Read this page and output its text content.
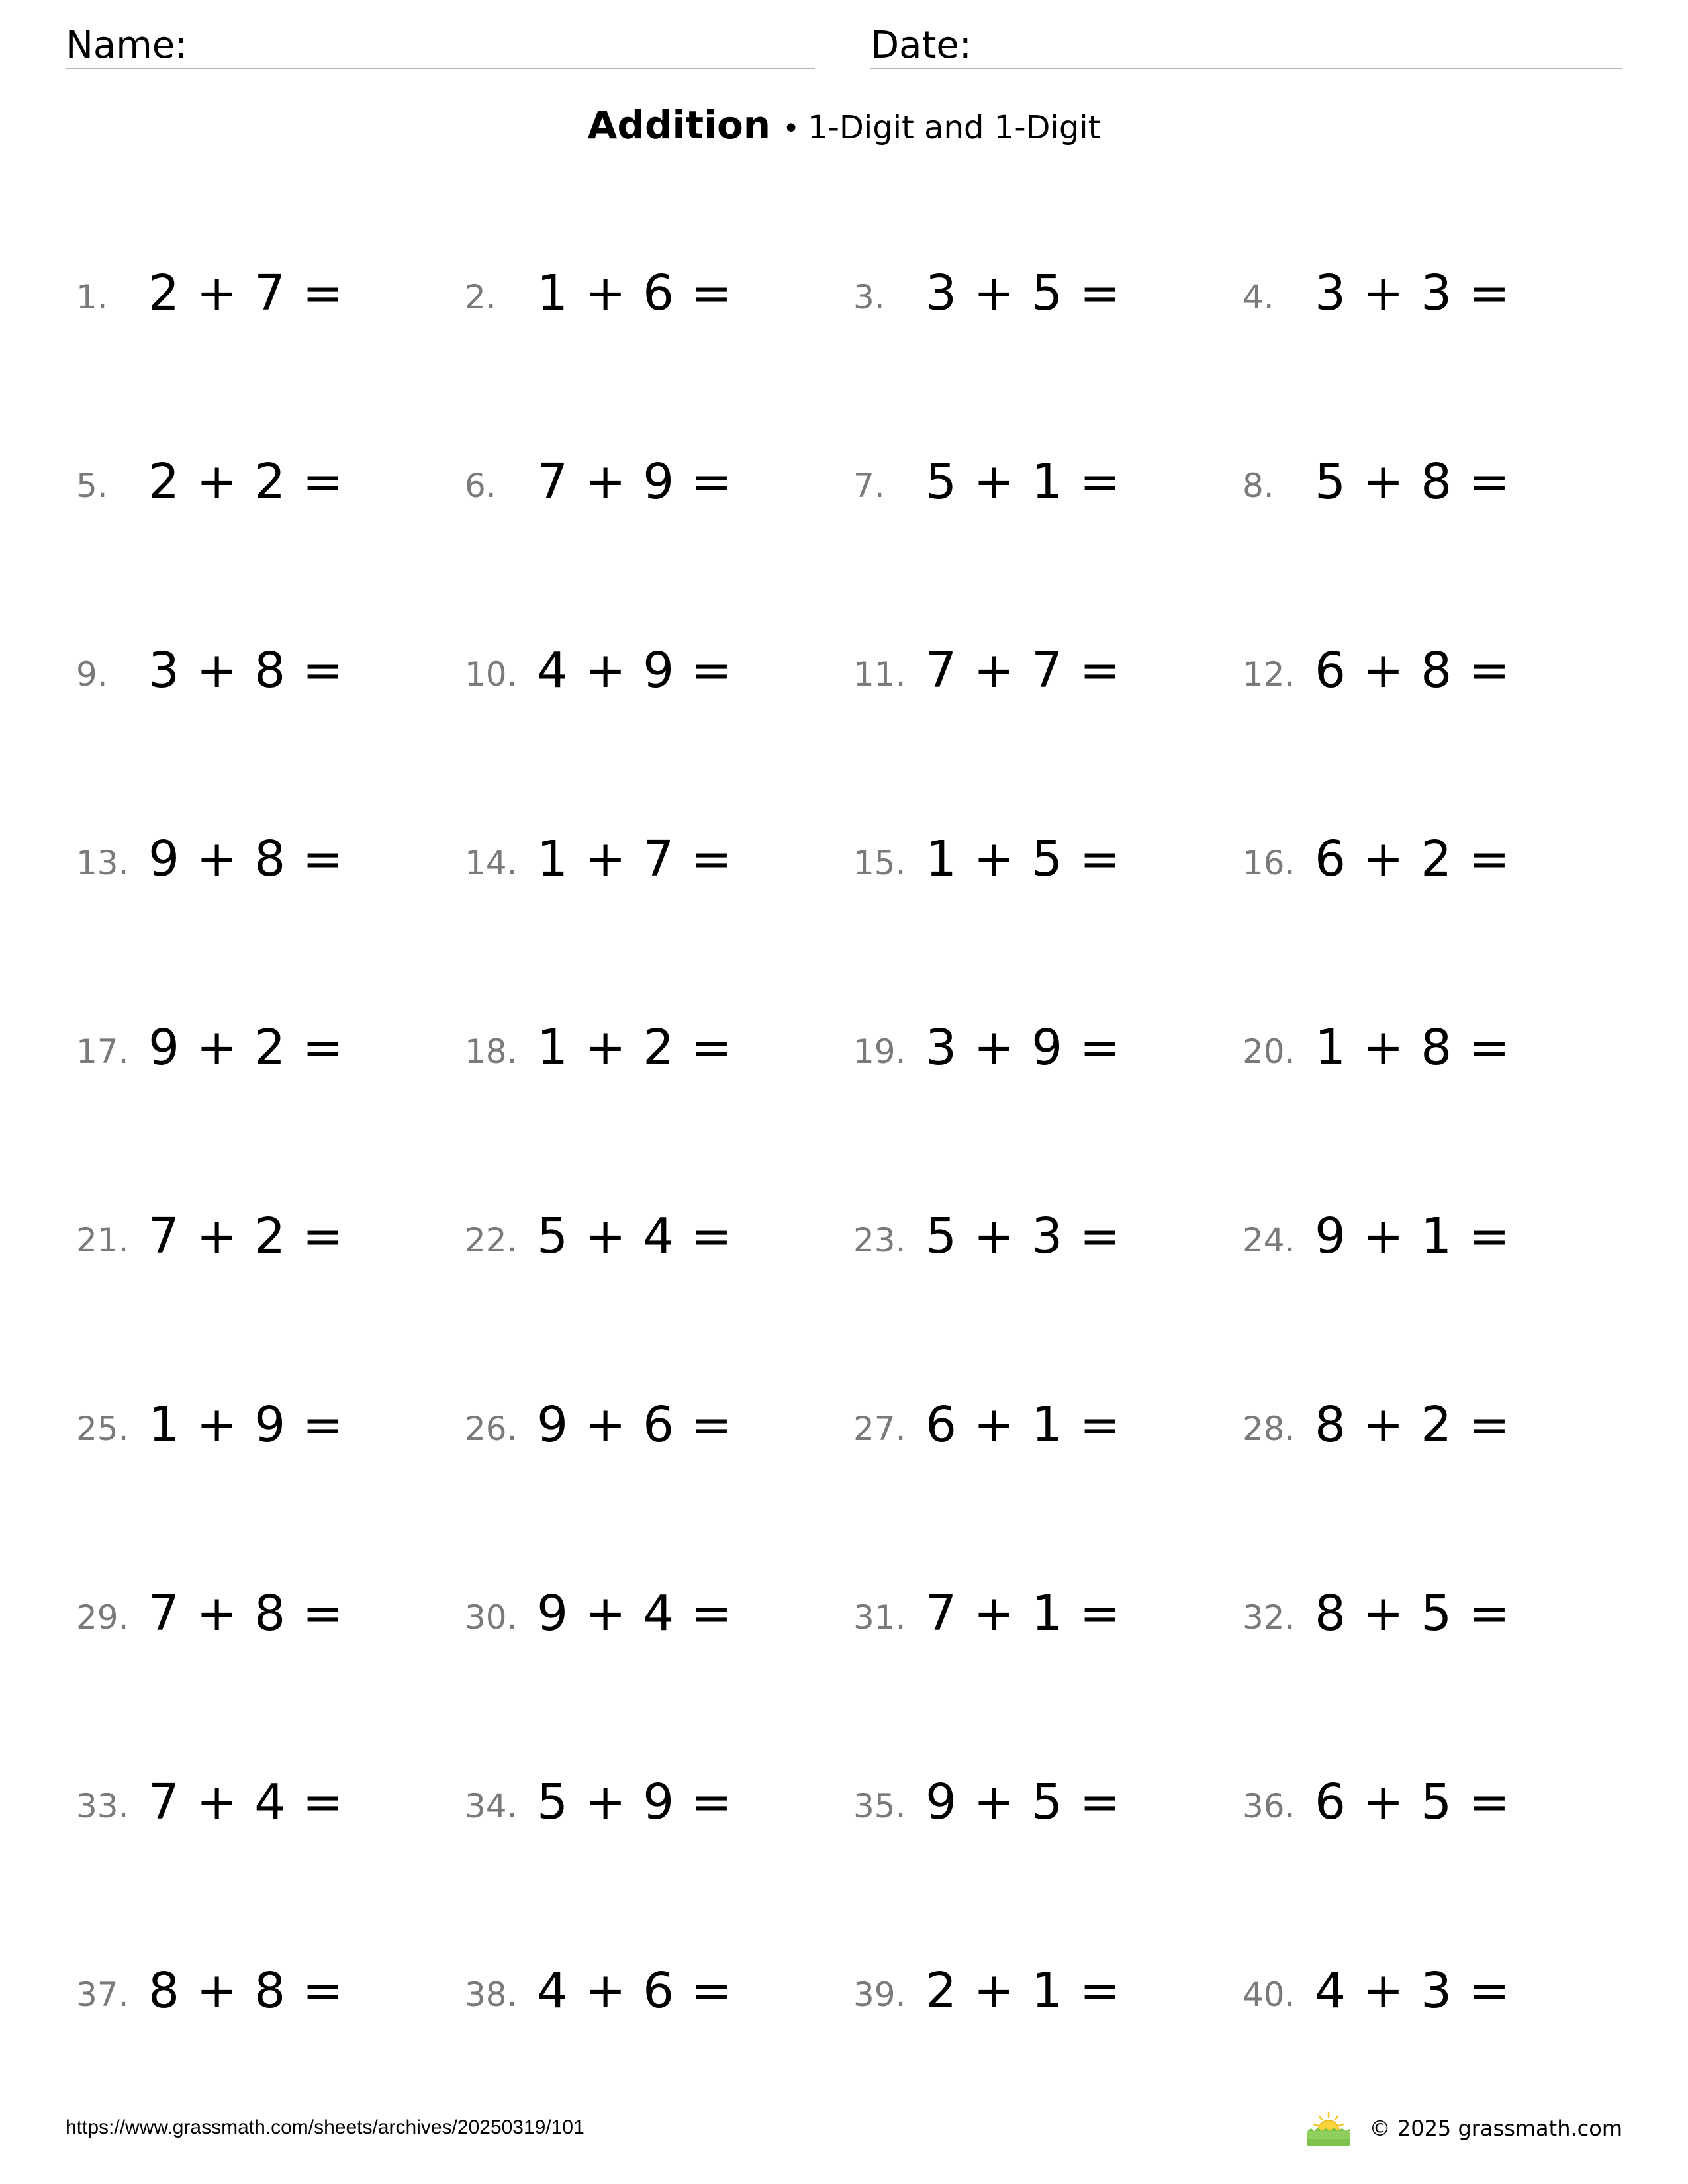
Name:	Date:
Addition • 1-Digit and 1-Digit
1. 2 + 7 =	2. 1 + 6 =	3. 3 + 5 =	4. 3 + 3 =
5. 2 + 2 =	6. 7 + 9 =	7. 5 + 1 =	8. 5 + 8 =
9. 3 + 8 =	10. 4 + 9 =	11. 7 + 7 =	12. 6 + 8 =
13. 9 + 8 =	14. 1 + 7 =	15. 1 + 5 =	16. 6 + 2 =
17. 9 + 2 =	18. 1 + 2 =	19. 3 + 9 =	20. 1 + 8 =
21. 7 + 2 =	22. 5 + 4 =	23. 5 + 3 =	24. 9 + 1 =
25. 1 + 9 =	26. 9 + 6 =	27. 6 + 1 =	28. 8 + 2 =
29. 7 + 8 =	30. 9 + 4 =	31. 7 + 1 =	32. 8 + 5 =
33. 7 + 4 =	34. 5 + 9 =	35. 9 + 5 =	36. 6 + 5 =
37. 8 + 8 =	38. 4 + 6 =	39. 2 + 1 =	40. 4 + 3 =
https://www.grassmath.com/sheets/archives/20250319/101	© 2025 grassmath.com
